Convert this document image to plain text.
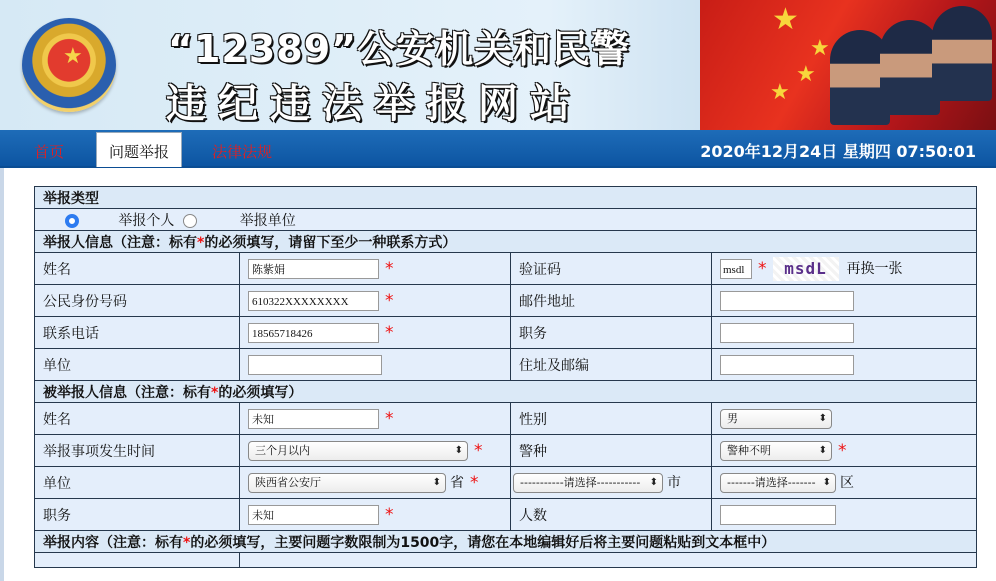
★ “12389”公安机关和民警
违纪违法举报网站
★
★
★
★
首页	问题举报	法律法规	2020年12月24日 星期四 07:50:01
举报类型			
举报个人 举报单位			
举报人信息（注意：标有*的必须填写，请留下至少一种联系方式）			
姓名	陈紫娟 *	验证码	msdl * msdL 再换一张
公民身份号码	610322XXXXXXXX *	邮件地址	
联系电话	18565718426 *	职务	
单位		住址及邮编	
被举报人信息（注意：标有*的必须填写）			
姓名	未知 *	性别	男 ⬍

举报事项发生时间	三个月以内 ⬍ *	警种	警种不明 ⬍ *
单位	陕西省公安厅 ⬍ 省 *	-----------请选择----------- ⬍ 市	-------请选择------- ⬍ 区
职务	未知 *	人数	
举报内容（注意：标有*的必须填写，主要问题字数限制为1500字，请您在本地编辑好后将主要问题粘贴到文本框中）			
